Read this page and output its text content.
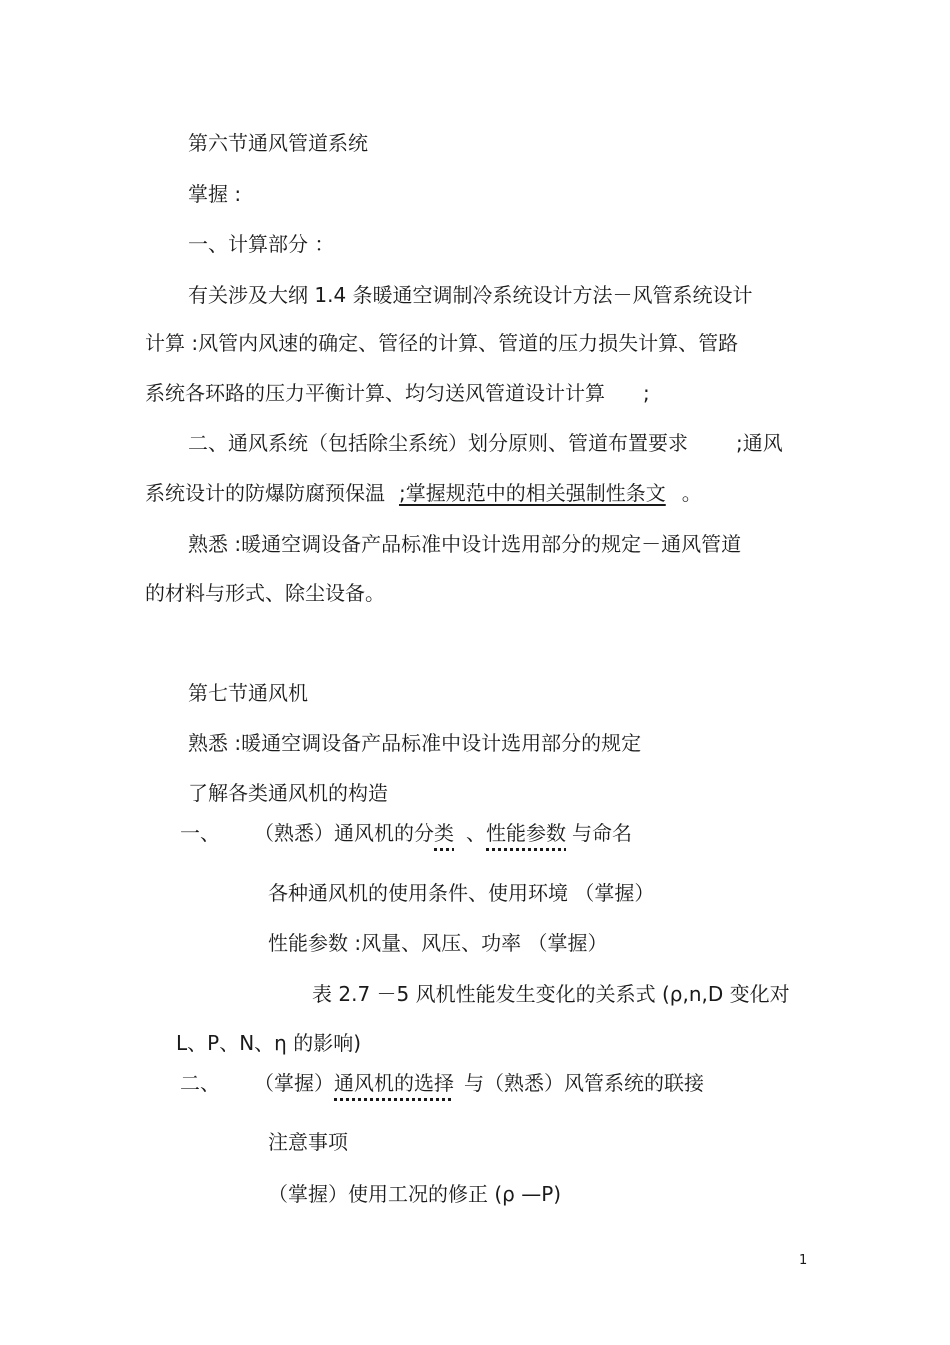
第六节通风管道系统
掌握 :
一、计算部分 ：
有关涉及大纲 1.4 条暖通空调制冷系统设计方法－风管系统设计
计算 :风管内风速的确定、管径的计算、管道的压力损失计算、管路
系统各环路的压力平衡计算、均匀送风管道设计计算 ;
二、通风系统（包括除尘系统）划分原则、管道布置要求 ;通风
系统设计的防爆防腐预保温 ;掌握规范中的相关强制性条文 。
熟悉 :暖通空调设备产品标准中设计选用部分的规定－通风管道
的材料与形式、除尘设备。
第七节通风机
熟悉 :暖通空调设备产品标准中设计选用部分的规定
了解各类通风机的构造
一、 （熟悉）通风机的分类 、性能参数 与命名
各种通风机的使用条件、使用环境 （掌握）
性能参数 :风量、风压、功率 （掌握）
表 2.7 －5 风机性能发生变化的关系式 (ρ,n,D 变化对
L、P、N、η 的影响)
二、 （掌握）通风机的选择 与（熟悉）风管系统的联接
注意事项
（掌握）使用工况的修正 (ρ —P)
1
